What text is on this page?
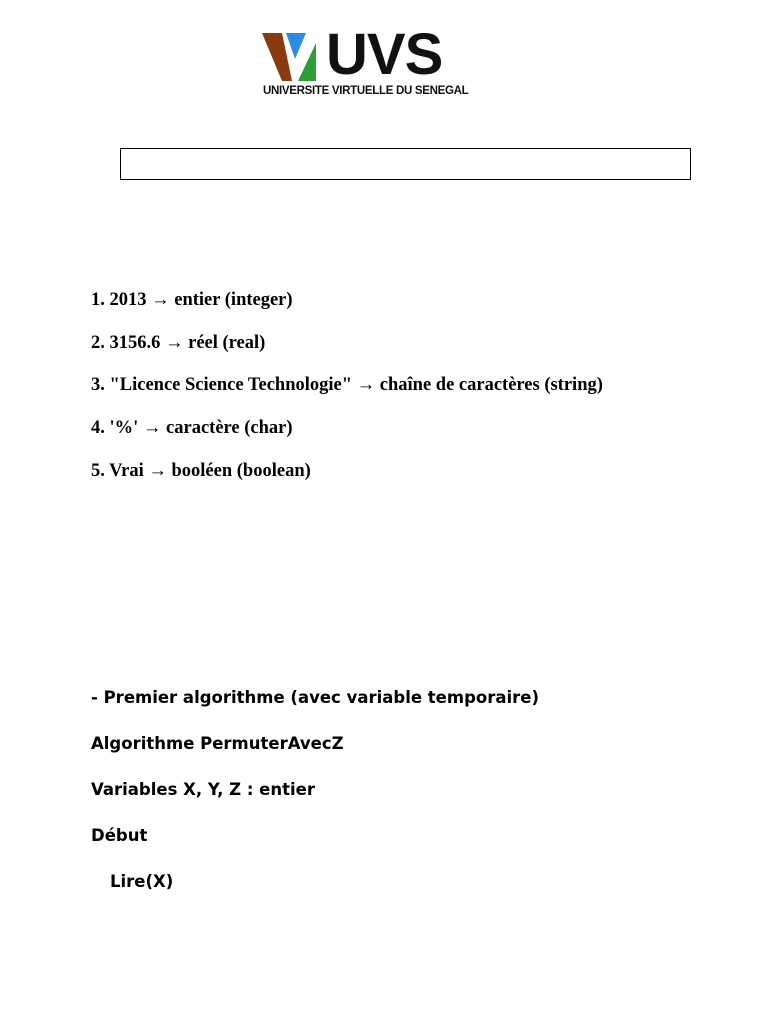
UVS
UNIVERSITE VIRTUELLE DU SENEGAL
1. 2013 → entier (integer)
2. 3156.6 → réel (real)
3. "Licence Science Technologie" → chaîne de caractères (string)
4. '%' → caractère (char)
5. Vrai → booléen (boolean)
- Premier algorithme (avec variable temporaire)
Algorithme PermuterAvecZ
Variables X, Y, Z : entier
Début
Lire(X)
